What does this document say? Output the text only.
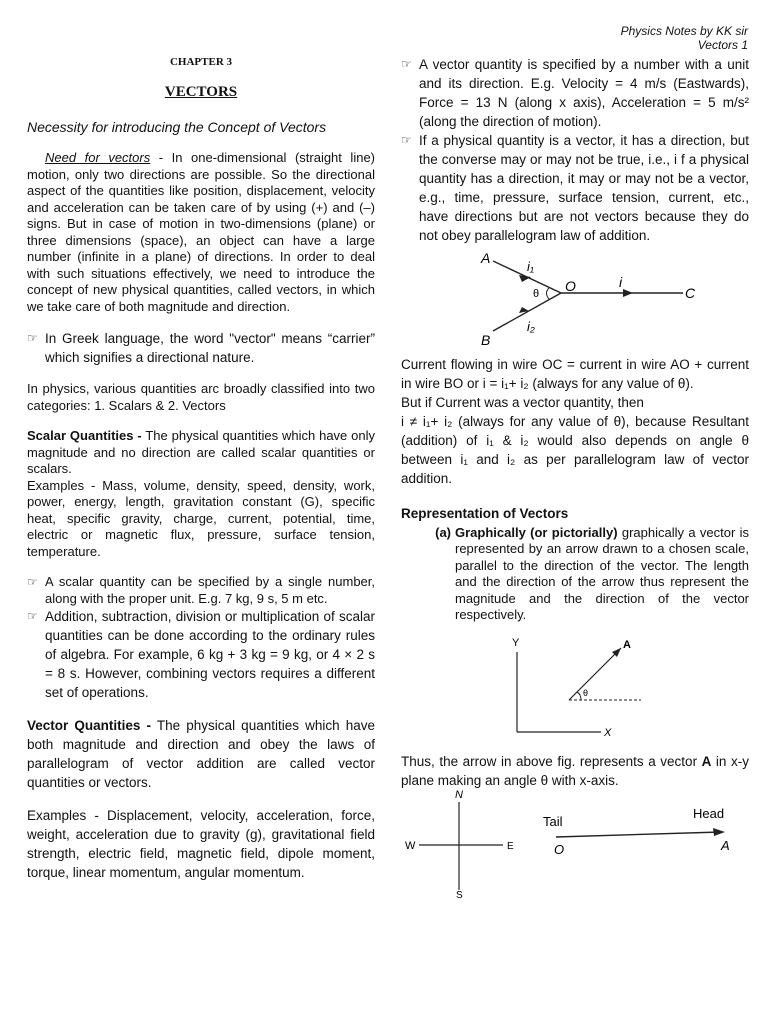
Physics Notes by KK sir
Vectors 1
CHAPTER 3
VECTORS
Necessity for introducing the Concept of Vectors

Need for vectors - In one-dimensional (straight line) motion, only two directions are possible. So the directional aspect of the quantities like position, displacement, velocity and acceleration can be taken care of by using (+) and (–) signs. But in case of motion in two-dimensions (plane) or three dimensions (space), an object can have a large number (infinite in a plane) of directions. In order to deal with such situations effectively, we need to introduce the concept of new physical quantities, called vectors, in which we take care of both magnitude and direction.

☞ In Greek language, the word "vector" means “carrier” which signifies a directional nature.

In physics, various quantities arc broadly classified into two categories: 1. Scalars & 2. Vectors

Scalar Quantities - The physical quantities which have only magnitude and no direction are called scalar quantities or scalars.

Examples - Mass, volume, density, speed, density, work, power, energy, length, gravitation constant (G), specific heat, specific gravity, charge, current, potential, time, electric or magnetic flux, pressure, surface tension, temperature.

☞ A scalar quantity can be specified by a single number, along with the proper unit. E.g. 7 kg, 9 s, 5 m etc.

☞ Addition, subtraction, division or multiplication of scalar quantities can be done according to the ordinary rules of algebra. For example, 6 kg + 3 kg = 9 kg, or 4 × 2 s = 8 s. However, combining vectors requires a different set of operations.

Vector Quantities - The physical quantities which have both magnitude and direction and obey the laws of parallelogram of vector addition are called vector quantities or vectors.

Examples - Displacement, velocity, acceleration, force, weight, acceleration due to gravity (g), gravitational field strength, electric field, magnetic field, dipole moment, torque, linear momentum, angular momentum.

☞ A vector quantity is specified by a number with a unit and its direction. E.g. Velocity = 4 m/s (Eastwards), Force = 13 N (along x axis), Acceleration = 5 m/s² (along the direction of motion).

☞ If a physical quantity is a vector, it has a direction, but the converse may or may not be true, i.e., i f a physical quantity has a direction, it may or may not be a vector, e.g., time, pressure, surface tension, current, etc., have directions but are not vectors because they do not obey parallelogram law of addition.

A
B
O	C
i
i₁
i₂
θ

Current flowing in wire OC = current in wire AO + current in wire BO or i = i₁+ i₂ (always for any value of θ).

But if Current was a vector quantity, then

i ≠ i₁+ i₂ (always for any value of θ), because Resultant (addition) of i₁ & i₂ would also depends on angle θ between i₁ and i₂ as per parallelogram law of vector addition.

Representation of Vectors

(a) Graphically (or pictorially) graphically a vector is represented by an arrow drawn to a chosen scale, parallel to the direction of the vector. The length and the direction of the arrow thus represent the magnitude and the direction of the vector respectively.

Y
X
A
θ

Thus, the arrow in above fig. represents a vector A in x-y plane making an angle θ with x-axis.

N
S
E
W
Tail
Head
O	A
